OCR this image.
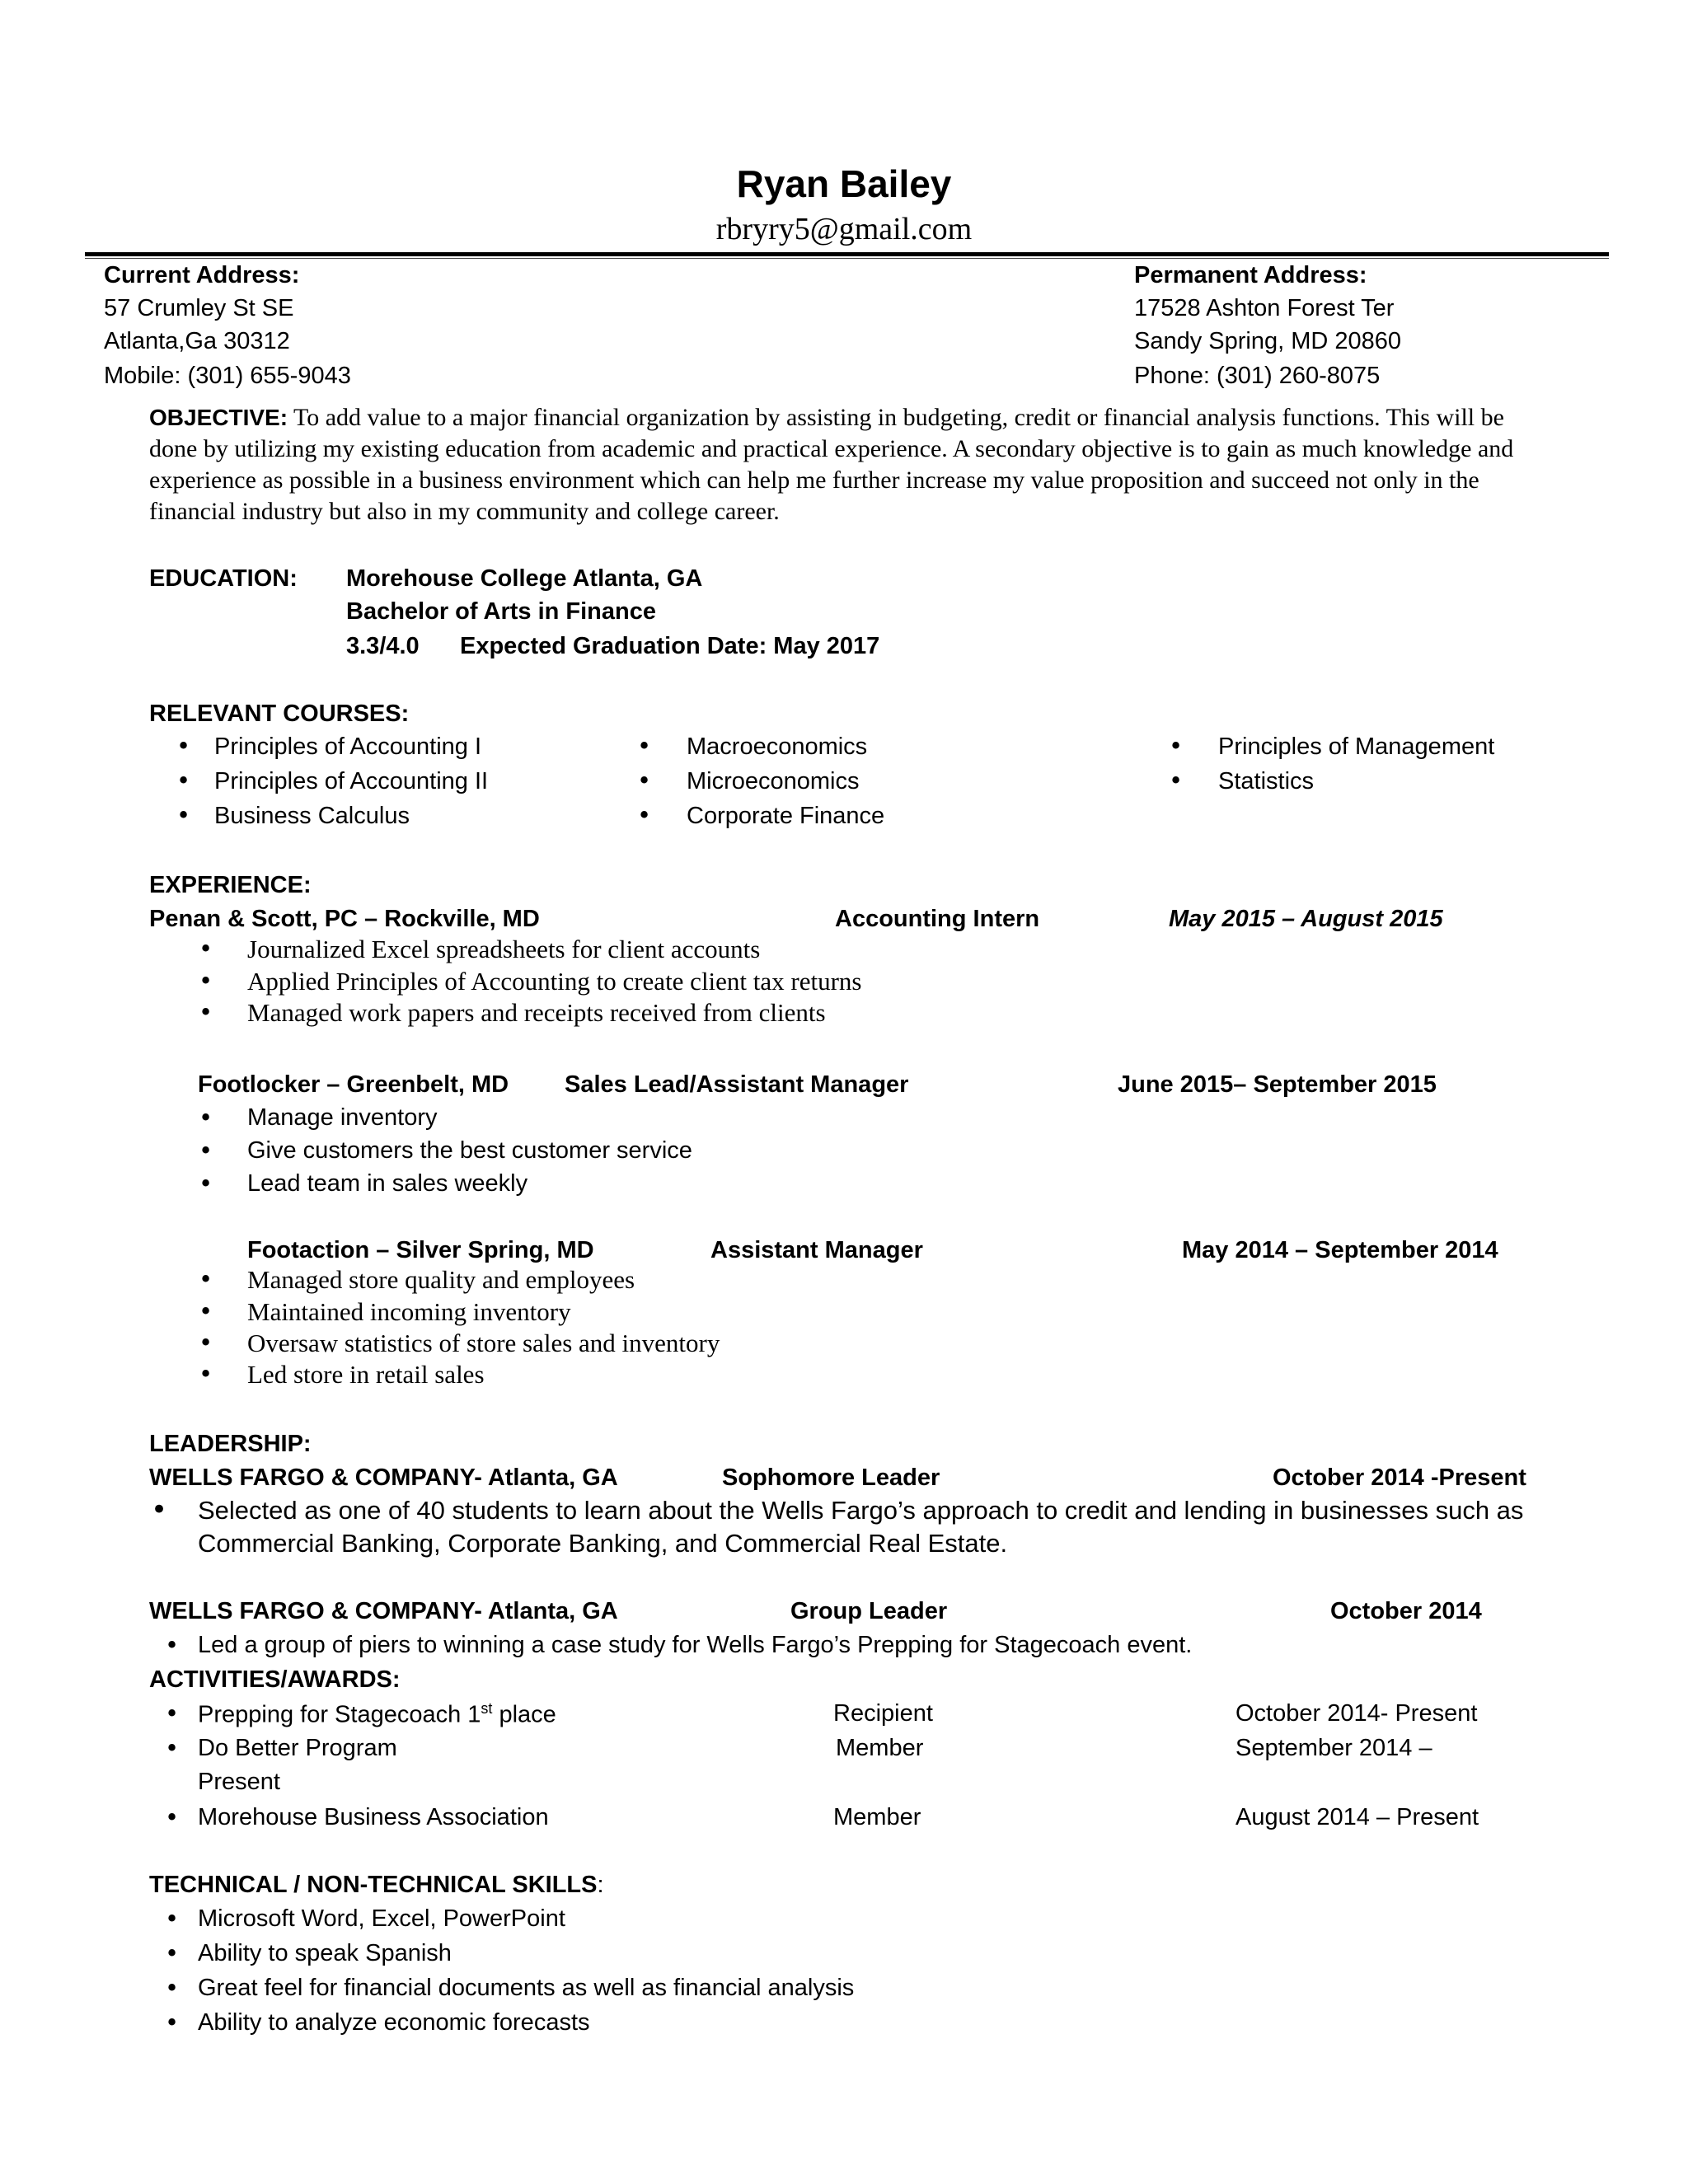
Ryan Bailey
rbryry5@gmail.com
Current Address:
57 Crumley St SE
Atlanta,Ga 30312
Mobile: (301) 655-9043
Permanent Address:
17528 Ashton Forest Ter
Sandy Spring, MD 20860
Phone: (301) 260-8075

OBJECTIVE: To add value to a major financial organization by assisting in budgeting, credit or financial analysis functions. This will be done by utilizing my existing education from academic and practical experience. A secondary objective is to gain as much knowledge and experience as possible in a business environment which can help me further increase my value proposition and succeed not only in the financial industry but also in my community and college career.

EDUCATION: Morehouse College Atlanta, GA
Bachelor of Arts in Finance
3.3/4.0 Expected Graduation Date: May 2017
RELEVANT COURSES:
• Principles of Accounting I
• Principles of Accounting II
• Business Calculus
• Macroeconomics
• Microeconomics
• Corporate Finance
• Principles of Management
• Statistics
EXPERIENCE:
Penan & Scott, PC – Rockville, MD	Accounting Intern	May 2015 – August 2015
• Journalized Excel spreadsheets for client accounts
• Applied Principles of Accounting to create client tax returns
• Managed work papers and receipts received from clients
Footlocker – Greenbelt, MD Sales Lead/Assistant Manager	June 2015– September 2015
• Manage inventory
• Give customers the best customer service
• Lead team in sales weekly
Footaction – Silver Spring, MD	Assistant Manager	May 2014 – September 2014
• Managed store quality and employees
• Maintained incoming inventory
• Oversaw statistics of store sales and inventory
• Led store in retail sales
LEADERSHIP:
WELLS FARGO & COMPANY- Atlanta, GA	Sophomore Leader	October 2014 -Present
• Selected as one of 40 students to learn about the Wells Fargo’s approach to credit and lending in businesses such as Commercial Banking, Corporate Banking, and Commercial Real Estate.

WELLS FARGO & COMPANY- Atlanta, GA	Group Leader	October 2014
• Led a group of piers to winning a case study for Wells Fargo’s Prepping for Stagecoach event.
ACTIVITIES/AWARDS:
• Prepping for Stagecoach 1st place	Recipient	October 2014- Present
• Do Better Program	Member	September 2014 –
Present
• Morehouse Business Association	Member	August 2014 – Present
TECHNICAL / NON-TECHNICAL SKILLS:
• Microsoft Word, Excel, PowerPoint
• Ability to speak Spanish
• Great feel for financial documents as well as financial analysis
• Ability to analyze economic forecasts
